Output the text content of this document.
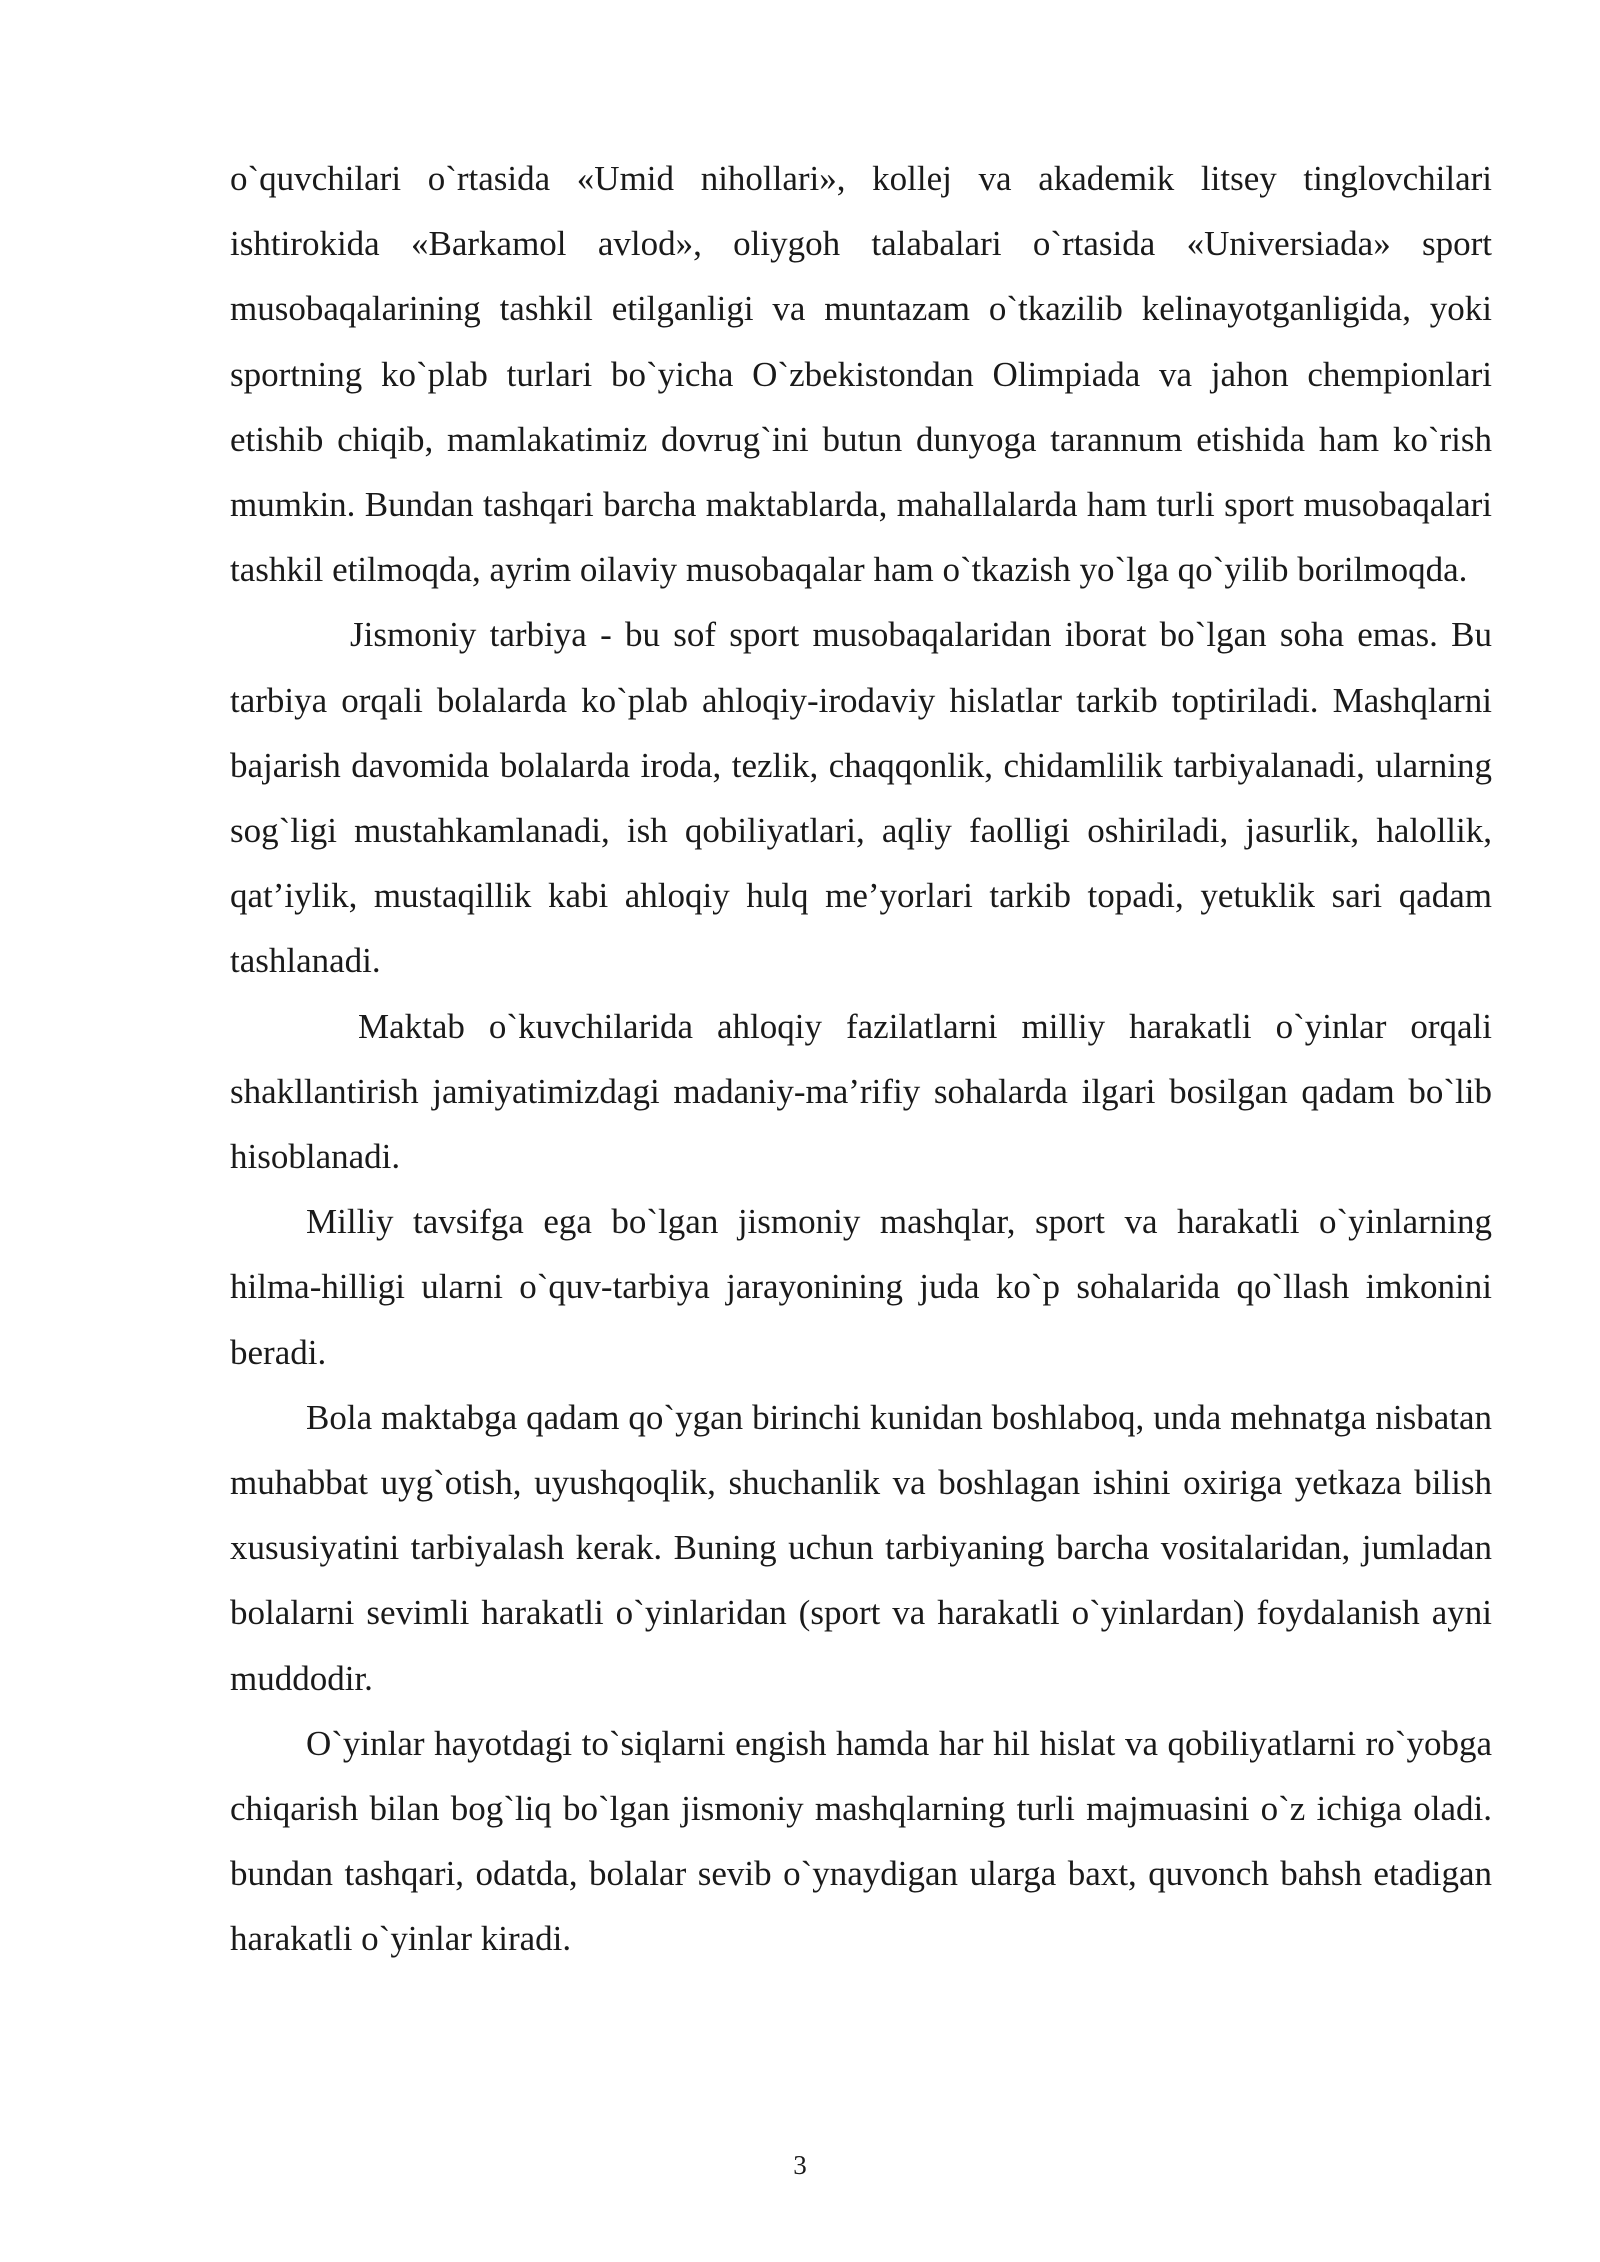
o`quvchilari o`rtasida «Umid nihollari», kollej va akademik litsey tinglovchilari ishtirokida «Barkamol avlod», oliygoh talabalari o`rtasida «Universiada» sport musobaqalarining tashkil etilganligi va muntazam o`tkazilib kelinayotganligida, yoki sportning ko`plab turlari bo`yicha O`zbekistondan Olimpiada va jahon chempionlari etishib chiqib, mamlakatimiz dovrug`ini butun dunyoga tarannum etishida ham ko`rish mumkin. Bundan tashqari barcha maktablarda, mahallalarda ham turli sport musobaqalari tashkil etilmoqda, ayrim oilaviy musobaqalar ham o`tkazish yo`lga qo`yilib borilmoqda.

Jismoniy tarbiya - bu sof sport musobaqalaridan iborat bo`lgan soha emas. Bu tarbiya orqali bolalarda ko`plab ahloqiy-irodaviy hislatlar tarkib toptiriladi. Mashqlarni bajarish davomida bolalarda iroda, tezlik, chaqqonlik, chidamlilik tarbiyalanadi, ularning sog`ligi mustahkamlanadi, ish qobiliyatlari, aqliy faolligi oshiriladi, jasurlik, halollik, qat’iylik, mustaqillik kabi ahloqiy hulq me’yorlari tarkib topadi, yetuklik sari qadam tashlanadi.

Maktab o`kuvchilarida ahloqiy fazilatlarni milliy harakatli o`yinlar orqali shakllantirish jamiyatimizdagi madaniy-ma’rifiy sohalarda ilgari bosilgan qadam bo`lib hisoblanadi.

Milliy tavsifga ega bo`lgan jismoniy mashqlar, sport va harakatli o`yinlarning hilma-hilligi ularni o`quv-tarbiya jarayonining juda ko`p sohalarida qo`llash imkonini beradi.

Bola maktabga qadam qo`ygan birinchi kunidan boshlaboq, unda mehnatga nisbatan muhabbat uyg`otish, uyushqoqlik, shuchanlik va boshlagan ishini oxiriga yetkaza bilish xususiyatini tarbiyalash kerak. Buning uchun tarbiyaning barcha vositalaridan, jumladan bolalarni sevimli harakatli o`yinlaridan (sport va harakatli o`yinlardan) foydalanish ayni muddodir.

O`yinlar hayotdagi to`siqlarni engish hamda har hil hislat va qobiliyatlarni ro`yobga chiqarish bilan bog`liq bo`lgan jismoniy mashqlarning turli majmuasini o`z ichiga oladi. bundan tashqari, odatda, bolalar sevib o`ynaydigan ularga baxt, quvonch bahsh etadigan harakatli o`yinlar kiradi.

3
